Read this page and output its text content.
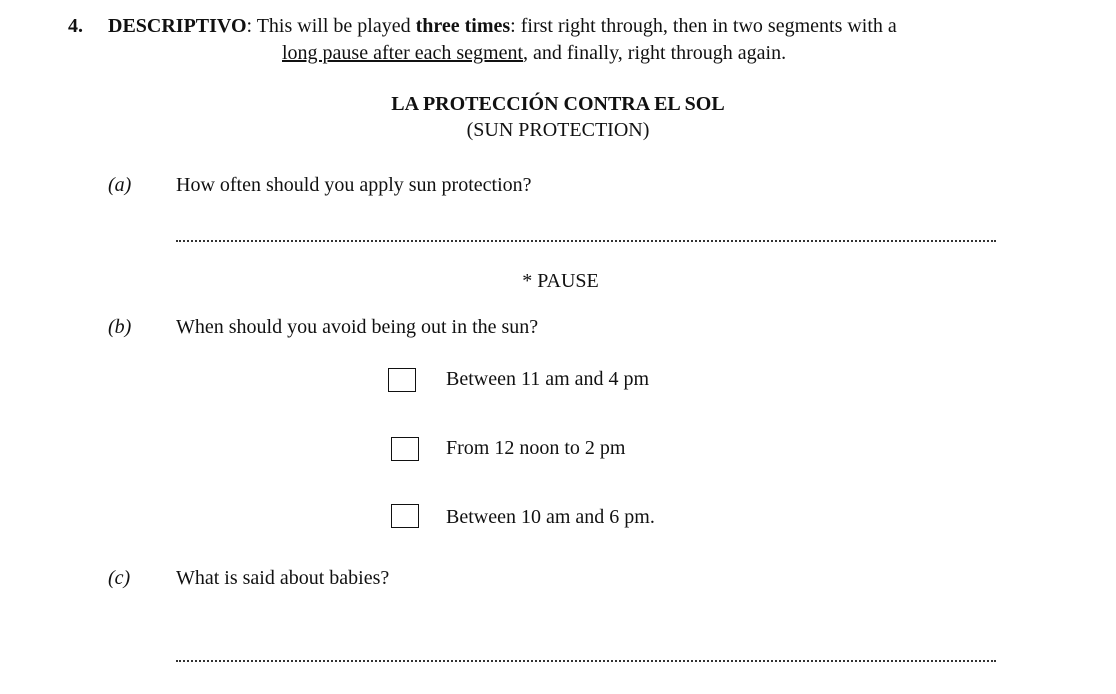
4. DESCRIPTIVO: This will be played three times: first right through, then in two segments with a
long pause after each segment, and finally, right through again.
LA PROTECCIÓN CONTRA EL SOL
(SUN PROTECTION)
(a) How often should you apply sun protection?
* PAUSE
(b) When should you avoid being out in the sun?
Between 11 am and 4 pm
From 12 noon to 2 pm
Between 10 am and 6 pm.
(c) What is said about babies?
